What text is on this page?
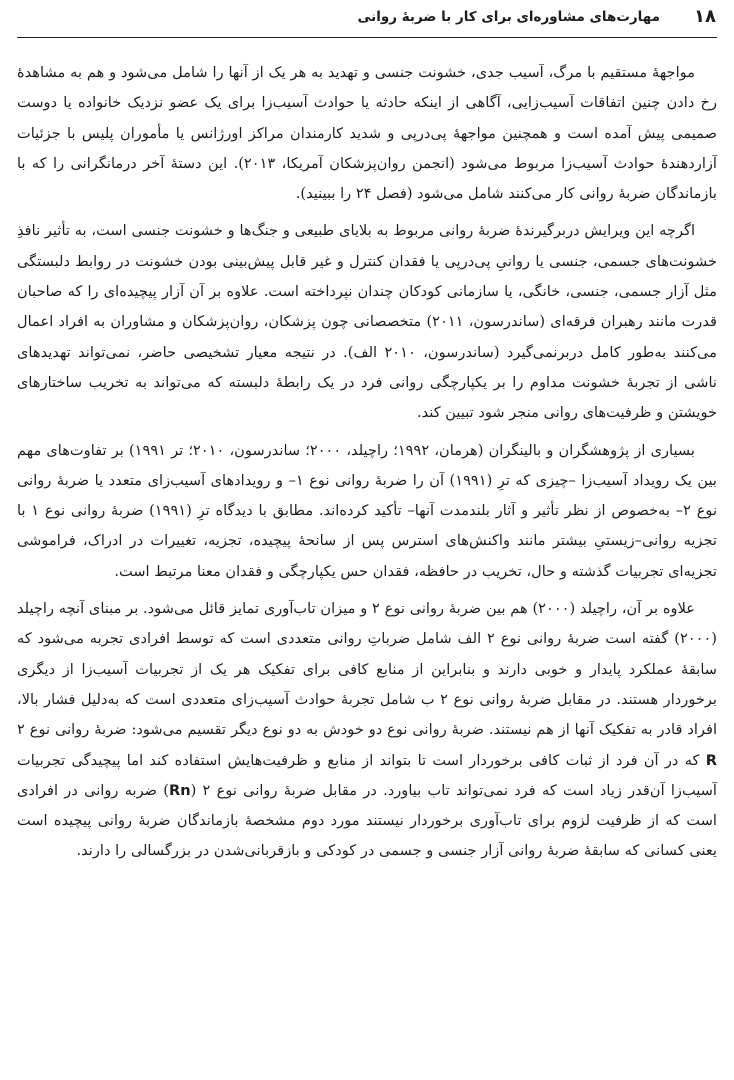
۱۸
مهارت‌های مشاوره‌ای برای کار با ضربهٔ روانی

مواجههٔ مستقیم با مرگ، آسیب جدی، خشونت جنسی و تهدید به هر یک از آنها را شامل می‌شود و هم به مشاهدهٔ رخ دادن چنین اتفاقات آسیب‌زایی، آگاهی از اینکه حادثه یا حوادث آسیب‌زا برای یک عضو نزدیک خانواده یا دوست صمیمی پیش آمده است و همچنین مواجههٔ پی‌درپی و شدید کارمندان مراکز اورژانس یا مأموران پلیس با جزئیات آزاردهندهٔ حوادث آسیب‌زا مربوط می‌شود (انجمن روان‌پزشکان آمریکا، ۲۰۱۳). این دستهٔ آخر درمانگرانی را که با بازماندگان ضربهٔ روانی کار می‌کنند شامل می‌شود (فصل ۲۴ را ببینید).

اگرچه این ویرایش دربرگیرندهٔ ضربهٔ روانی مربوط به بلایای طبیعی و جنگ‌ها و خشونت جنسی است، به تأثیر نافذِ خشونت‌های جسمی، جنسی یا روانیِ پی‌درپی یا فقدان کنترل و غیر قابل پیش‌بینی بودن خشونت در روابط دلبستگی مثل آزار جسمی، جنسی، خانگی، یا سازمانی کودکان چندان نپرداخته است. علاوه بر آن آزار پیچیده‌ای را که صاحبان قدرت مانند رهبران فرقه‌ای (ساندرسون، ۲۰۱۱) متخصصانی چون پزشکان، روان‌پزشکان و مشاوران به افراد اعمال می‌کنند به‌طور کامل دربرنمی‌گیرد (ساندرسون، ۲۰۱۰ الف). در نتیجه معیار تشخیصی حاضر، نمی‌تواند تهدیدهای ناشی از تجربهٔ خشونت مداوم را بر یکپارچگی روانی فرد در یک رابطهٔ دلبسته که می‌تواند به تخریب ساختارهای خویشتن و ظرفیت‌های روانی منجر شود تبیین کند.

بسیاری از پژوهشگران و بالینگران (هرمان، ۱۹۹۲؛ راچیلد، ۲۰۰۰؛ ساندرسون، ۲۰۱۰؛ تر ۱۹۹۱) بر تفاوت‌های مهم بین یک رویداد آسیب‌زا –چیزی که ترِ (۱۹۹۱) آن را ضربهٔ روانی نوع ۱– و رویدادهای آسیب‌زای متعدد یا ضربهٔ روانی نوع ۲– به‌خصوص از نظر تأثیر و آثار بلندمدت آنها– تأکید کرده‌اند. مطابق با دیدگاه ترِ (۱۹۹۱) ضربهٔ روانی نوع ۱ با تجزیه روانی–زیستیِ بیشتر مانند واکنش‌های استرس پس از سانحهٔ پیچیده، تجزیه، تغییرات در ادراک، فراموشی تجزیه‌ای تجربیات گذشته و حال، تخریب در حافظه، فقدان حس یکپارچگی و فقدان معنا مرتبط است.

علاوه بر آن، راچیلد (۲۰۰۰) هم بین ضربهٔ روانی نوع ۲ و میزان تاب‌آوری تمایز قائل می‌شود. بر مبنای آنچه راچیلد (۲۰۰۰) گفته است ضربهٔ روانی نوع ۲ الف شامل ضرباتِ روانی متعددی است که توسط افرادی تجربه می‌شود که سابقهٔ عملکرد پایدار و خوبی دارند و بنابراین از منابع کافی برای تفکیک هر یک از تجربیات آسیب‌زا از دیگری برخوردار هستند. در مقابل ضربهٔ روانی نوع ۲ ب شامل تجربهٔ حوادث آسیب‌زای متعددی است که به‌دلیل فشار بالا، افراد قادر به تفکیک آنها از هم نیستند. ضربهٔ روانی نوع دو خودش به دو نوع دیگر تقسیم می‌شود: ضربهٔ روانی نوع ۲ R که در آن فرد از ثبات کافی برخوردار است تا بتواند از منابع و ظرفیت‌هایش استفاده کند اما پیچیدگی تجربیات آسیب‌زا آن‌قدر زیاد است که فرد نمی‌تواند تاب بیاورد. در مقابل ضربهٔ روانی نوع ۲ (Rn) ضربه روانی در افرادی است که از ظرفیت لزوم برای تاب‌آوری برخوردار نیستند مورد دوم مشخصهٔ بازماندگان ضربهٔ روانی پیچیده است یعنی کسانی که سابقهٔ ضربهٔ روانی آزار جنسی و جسمی در کودکی و بازقربانی‌شدن در بزرگسالی را دارند.
